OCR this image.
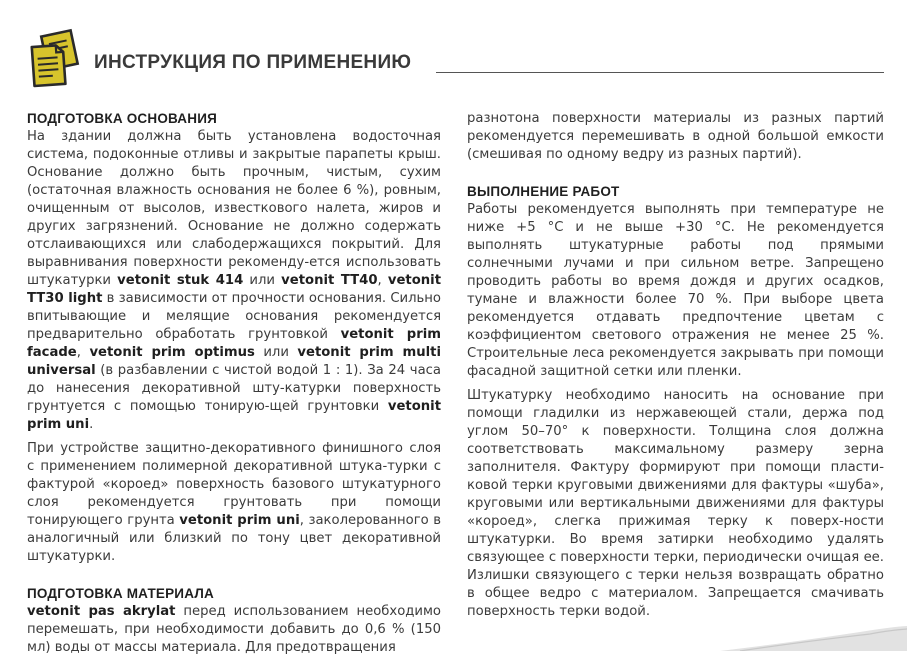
ИНСТРУКЦИЯ ПО ПРИМЕНЕНИЮ
ПОДГОТОВКА ОСНОВАНИЯ

На здании должна быть установлена водосточная система, подоконные отливы и закрытые парапеты крыш. Основание должно быть прочным, чистым, сухим (остаточная влажность основания не более 6 %), ровным, очищенным от высолов, известкового налета, жиров и других загрязнений. Основание не должно содержать отслаивающихся или слабодержащихся покрытий. Для выравнивания поверхности рекоменду-ется использовать штукатурки vetonit stuk 414 или vetonit TT40, vetonit TT30 light в зависимости от прочности основания. Сильно впитывающие и мелящие основания рекомендуется предварительно обработать грунтовкой vetonit prim facade, vetonit prim optimus или vetonit prim multi universal (в разбавлении с чистой водой 1 : 1). За 24 часа до нанесения декоративной шту-катурки поверхность грунтуется с помощью тонирую-щей грунтовки vetonit prim uni.

При устройстве защитно-декоративного финишного слоя с применением полимерной декоративной штука-турки с фактурой «короед» поверхность базового штукатурного слоя рекомендуется грунтовать при помощи тонирующего грунта vetonit prim uni, заколерованного в аналогичный или близкий по тону цвет декоративной штукатурки.

ПОДГОТОВКА МАТЕРИАЛА

vetonit pas akrylat перед использованием необходимо перемешать, при необходимости добавить до 0,6 % (150 мл) воды от массы материала. Для предотвращения

разнотона поверхности материалы из разных партий рекомендуется перемешивать в одной большой емкости (смешивая по одному ведру из разных партий).

ВЫПОЛНЕНИЕ РАБОТ

Работы рекомендуется выполнять при температуре не ниже +5 °С и не выше +30 °С. Не рекомендуется выполнять штукатурные работы под прямыми солнечными лучами и при сильном ветре. Запрещено проводить работы во время дождя и других осадков, тумане и влажности более 70 %. При выборе цвета рекомендуется отдавать предпочтение цветам с коэффициентом светового отражения не менее 25 %. Строительные леса рекомендуется закрывать при помощи фасадной защитной сетки или пленки.

Штукатурку необходимо наносить на основание при помощи гладилки из нержавеющей стали, держа под углом 50–70° к поверхности. Толщина слоя должна соответствовать максимальному размеру зерна заполнителя. Фактуру формируют при помощи пласти-ковой терки круговыми движениями для фактуры «шуба», круговыми или вертикальными движениями для фактуры «короед», слегка прижимая терку к поверх-ности штукатурки. Во время затирки необходимо удалять связующее с поверхности терки, периодически очищая ее. Излишки связующего с терки нельзя возвращать обратно в общее ведро с материалом. Запрещается смачивать поверхность терки водой.
